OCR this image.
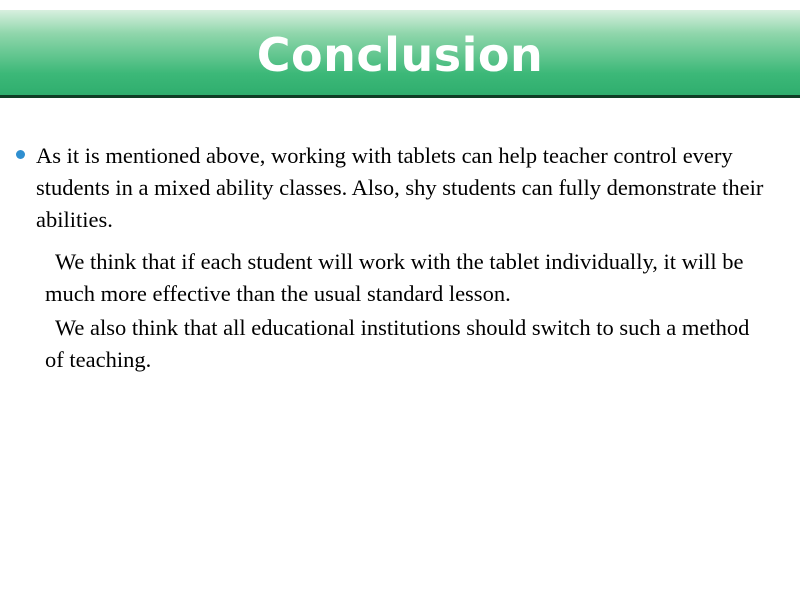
Conclusion
As it is mentioned above, working with tablets can help teacher control every students in a mixed ability classes. Also, shy students can fully demonstrate their abilities.

We think that if each student will work with the tablet individually, it will be much more effective than the usual standard lesson.

We also think that all educational institutions should switch to such a method of teaching.
